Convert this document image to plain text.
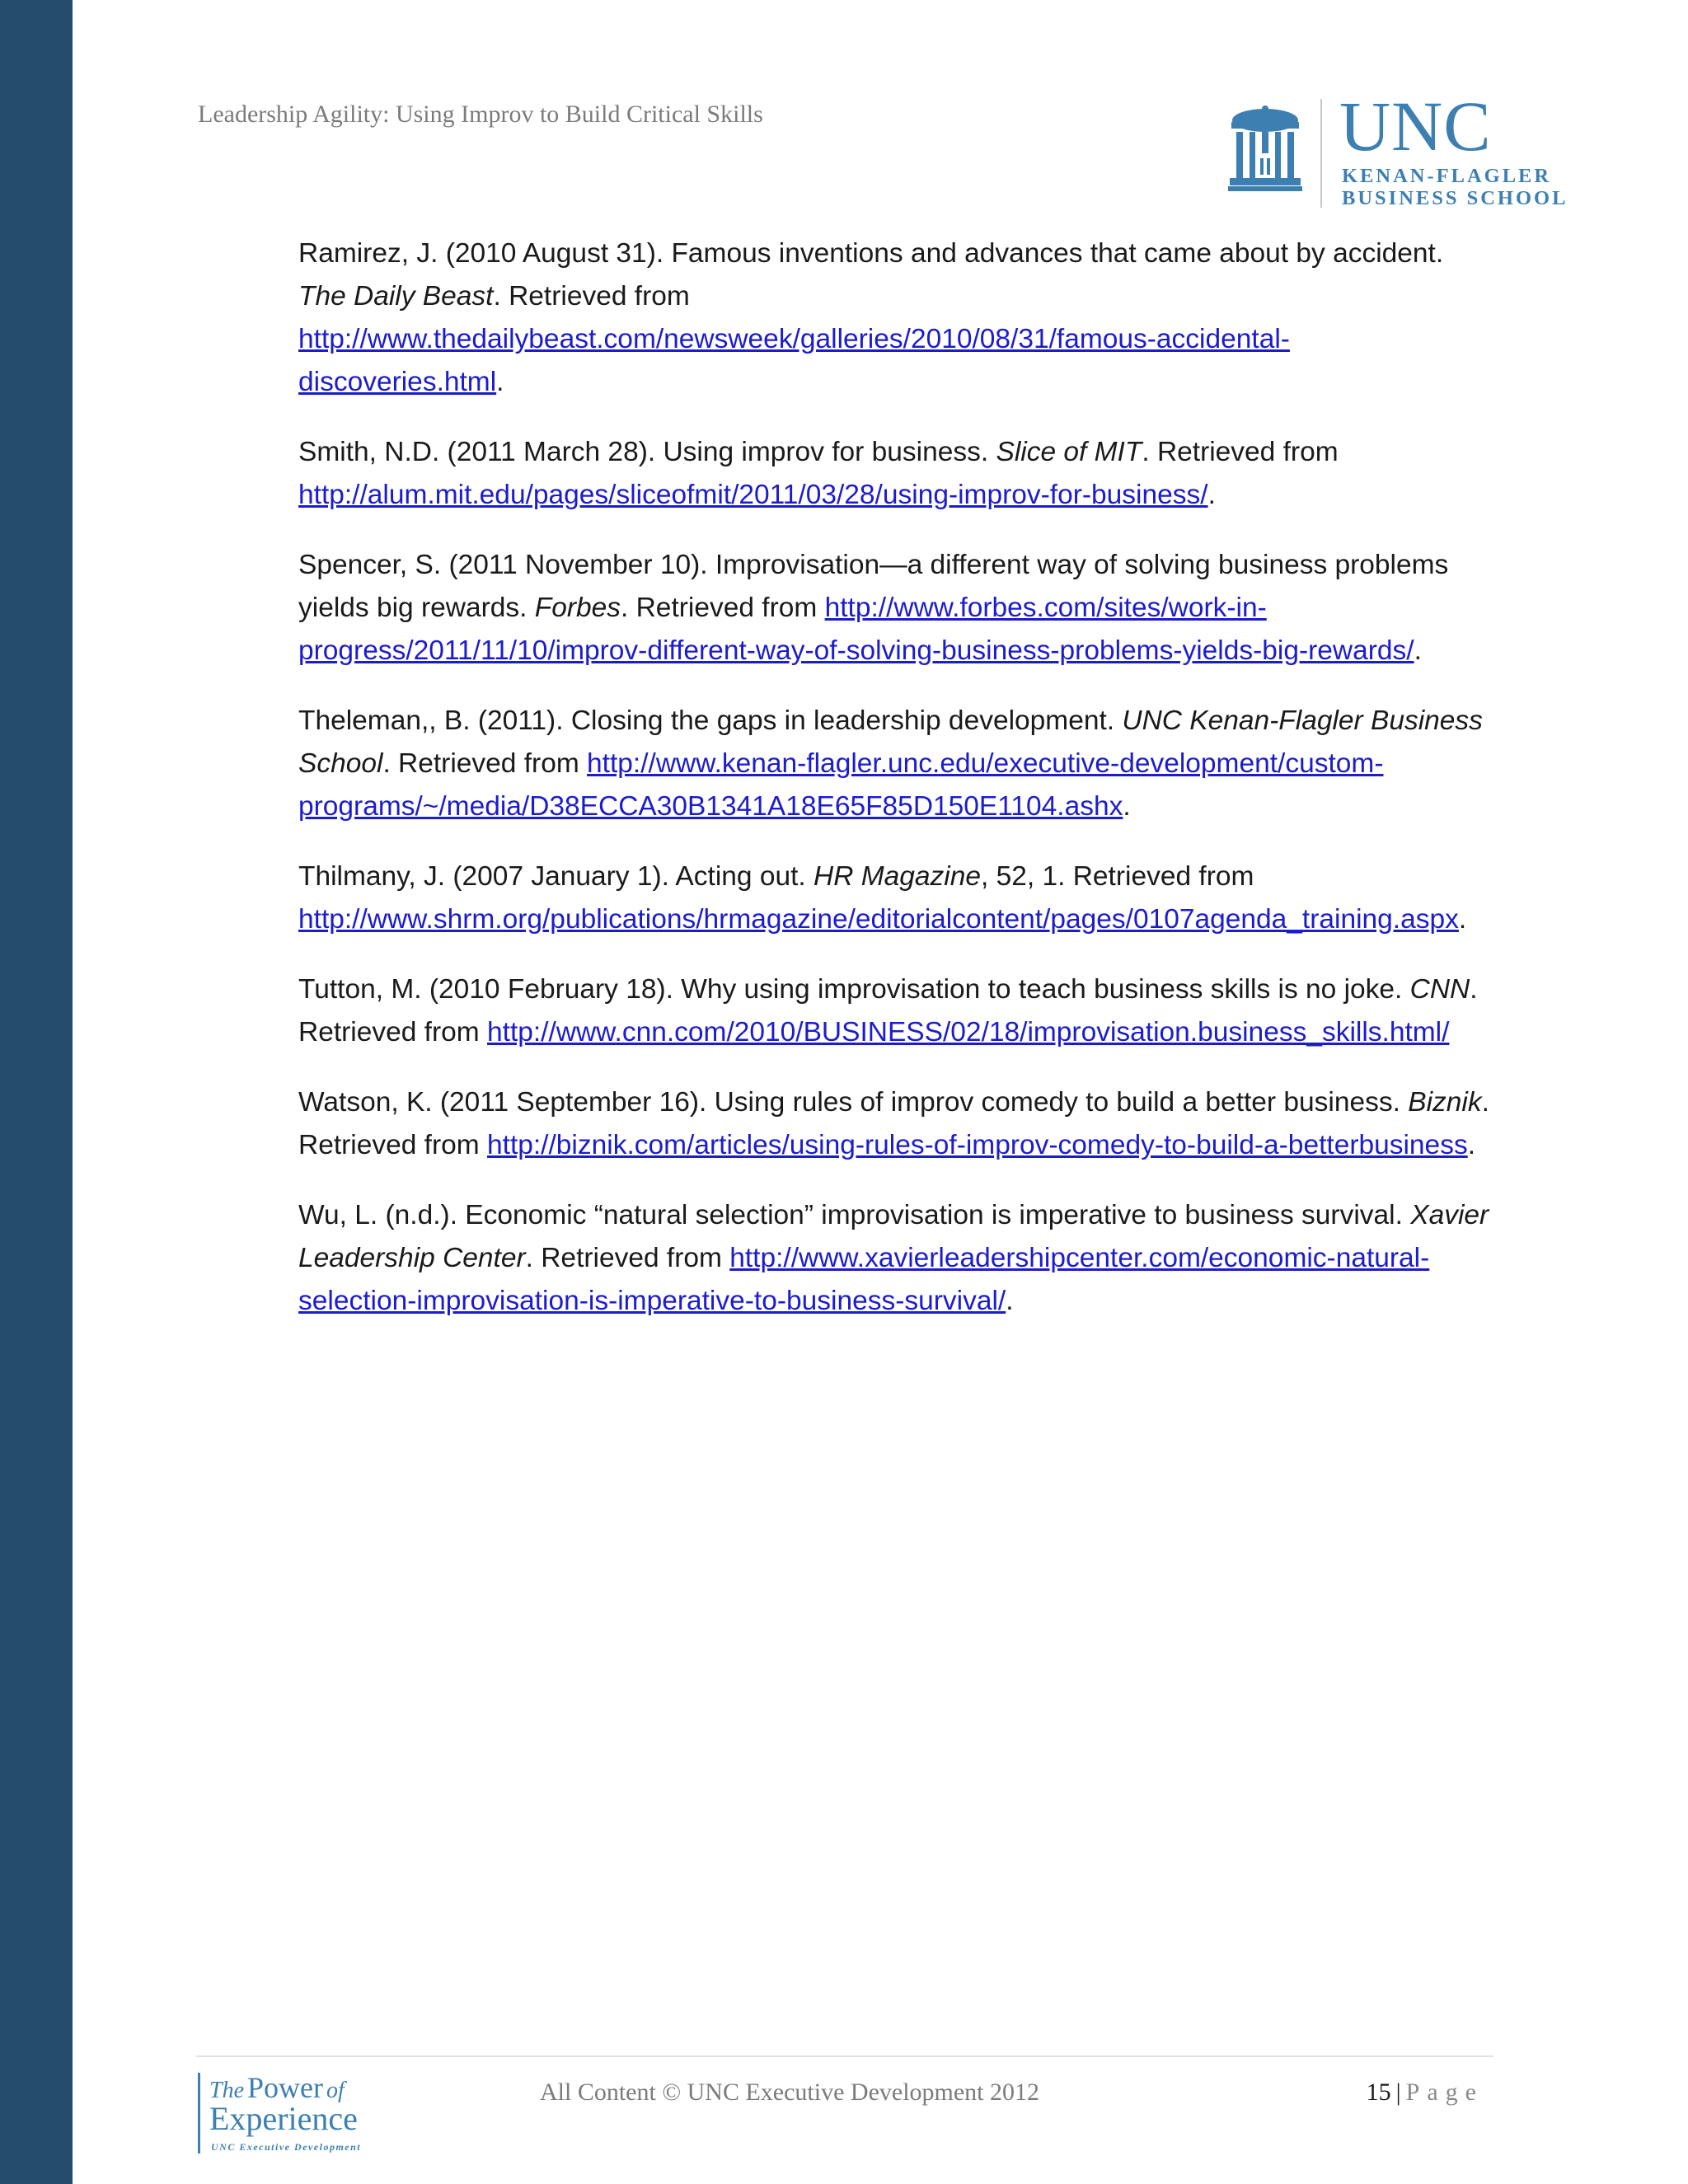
Leadership Agility: Using Improv to Build Critical Skills	UNC
KENAN-FLAGLER
BUSINESS SCHOOL

Ramirez, J. (2010 August 31). Famous inventions and advances that came about by accident. The Daily Beast. Retrieved from http://www.thedailybeast.com/newsweek/galleries/2010/08/31/famous-accidental-discoveries.html.

Smith, N.D. (2011 March 28). Using improv for business. Slice of MIT. Retrieved from http://alum.mit.edu/pages/sliceofmit/2011/03/28/using-improv-for-business/.

Spencer, S. (2011 November 10). Improvisation—a different way of solving business problems yields big rewards. Forbes. Retrieved from http://www.forbes.com/sites/work-in-progress/2011/11/10/improv-different-way-of-solving-business-problems-yields-big-rewards/.

Theleman,, B. (2011). Closing the gaps in leadership development. UNC Kenan-Flagler Business School. Retrieved from http://www.kenan-flagler.unc.edu/executive-development/custom-programs/~/media/D38ECCA30B1341A18E65F85D150E1104.ashx.

Thilmany, J. (2007 January 1). Acting out. HR Magazine, 52, 1. Retrieved from http://www.shrm.org/publications/hrmagazine/editorialcontent/pages/0107agenda_training.aspx.

Tutton, M. (2010 February 18). Why using improvisation to teach business skills is no joke. CNN. Retrieved from http://www.cnn.com/2010/BUSINESS/02/18/improvisation.business_skills.html/

Watson, K. (2011 September 16). Using rules of improv comedy to build a better business. Biznik. Retrieved from http://biznik.com/articles/using-rules-of-improv-comedy-to-build-a-betterbusiness.

Wu, L. (n.d.). Economic “natural selection” improvisation is imperative to business survival. Xavier Leadership Center. Retrieved from http://www.xavierleadershipcenter.com/economic-natural-selection-improvisation-is-imperative-to-business-survival/.

The Power of
Experience
UNC Executive Development
All Content © UNC Executive Development 2012	15 | Page
